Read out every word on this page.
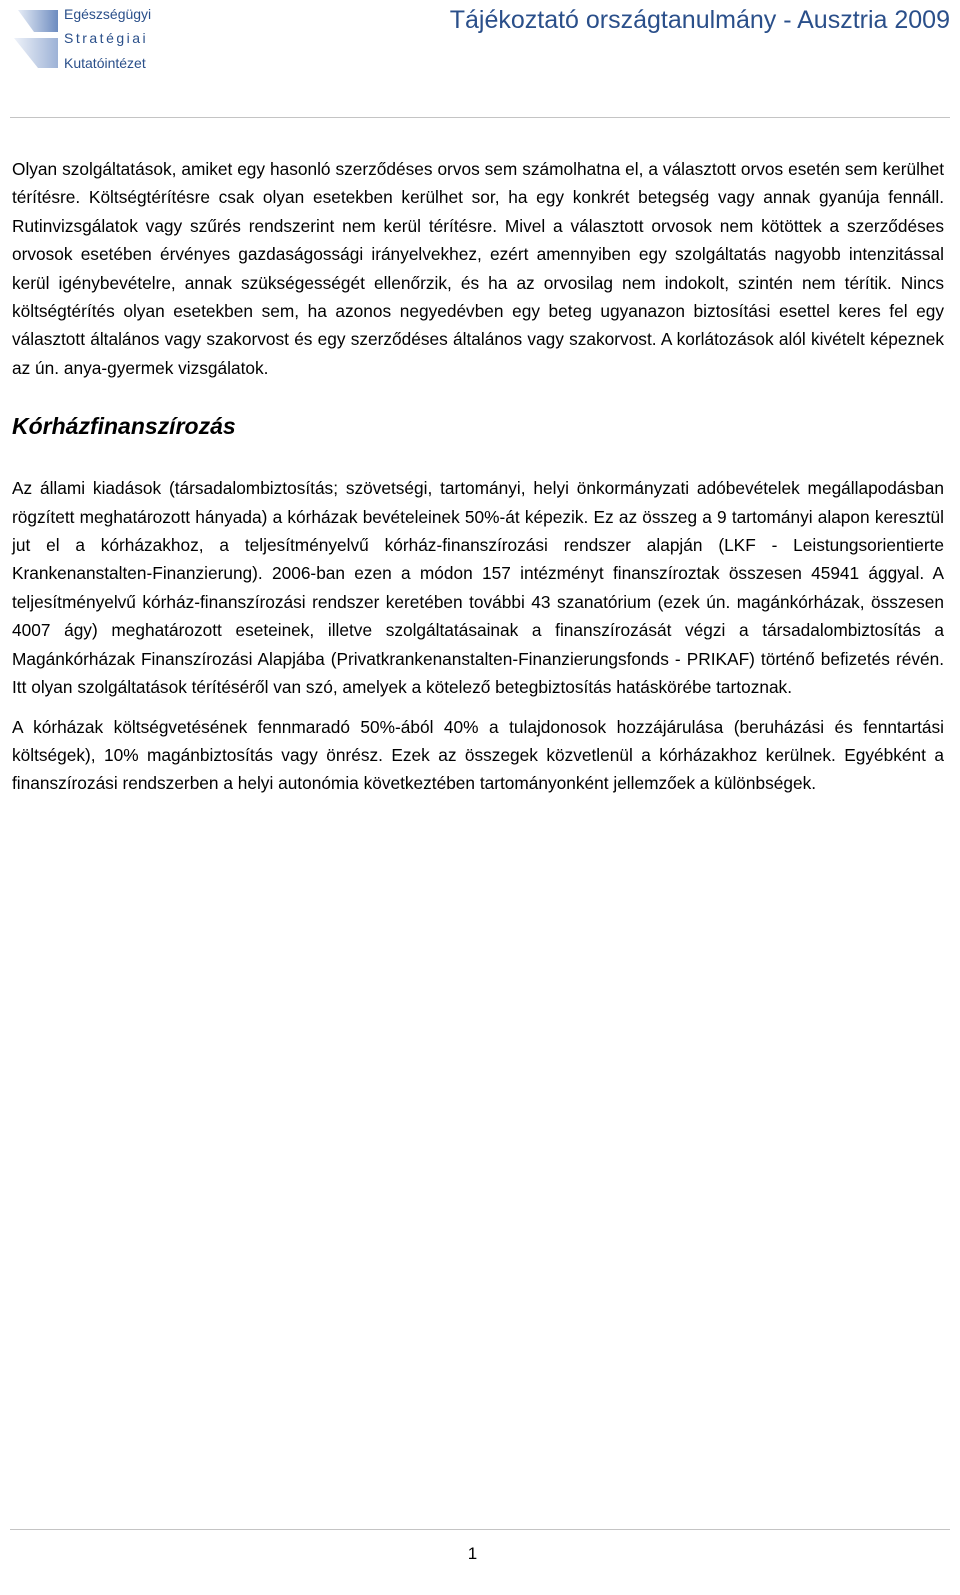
Egészségügyi
Stratégiai
Kutatóintézet
Tájékoztató országtanulmány - Ausztria 2009

Olyan szolgáltatások, amiket egy hasonló szerződéses orvos sem számolhatna el, a választott orvos esetén sem kerülhet térítésre. Költségtérítésre csak olyan esetekben kerülhet sor, ha egy konkrét betegség vagy annak gyanúja fennáll. Rutinvizsgálatok vagy szűrés rendszerint nem kerül térítésre. Mivel a választott orvosok nem kötöttek a szerződéses orvosok esetében érvényes gazdaságossági irányelvekhez, ezért amennyiben egy szolgáltatás nagyobb intenzitással kerül igénybevételre, annak szükségességét ellenőrzik, és ha az orvosilag nem indokolt, szintén nem térítik. Nincs költségtérítés olyan esetekben sem, ha azonos negyedévben egy beteg ugyanazon biztosítási esettel keres fel egy választott általános vagy szakorvost és egy szerződéses általános vagy szakorvost. A korlátozások alól kivételt képeznek az ún. anya-gyermek vizsgálatok.

Kórházfinanszírozás

Az állami kiadások (társadalombiztosítás; szövetségi, tartományi, helyi önkormányzati adóbevételek megállapodásban rögzített meghatározott hányada) a kórházak bevételeinek 50%-át képezik. Ez az összeg a 9 tartományi alapon keresztül jut el a kórházakhoz, a teljesítményelvű kórház-finanszírozási rendszer alapján (LKF - Leistungsorientierte Krankenanstalten-Finanzierung). 2006-ban ezen a módon 157 intézményt finanszíroztak összesen 45941 ággyal. A teljesítményelvű kórház-finanszírozási rendszer keretében további 43 szanatórium (ezek ún. magánkórházak, összesen 4007 ágy) meghatározott eseteinek, illetve szolgáltatásainak a finanszírozását végzi a társadalombiztosítás a Magánkórházak Finanszírozási Alapjába (Privatkrankenanstalten-Finanzierungsfonds - PRIKAF) történő befizetés révén. Itt olyan szolgáltatások térítéséről van szó, amelyek a kötelező betegbiztosítás hatáskörébe tartoznak.

A kórházak költségvetésének fennmaradó 50%-ából 40% a tulajdonosok hozzájárulása (beruházási és fenntartási költségek), 10% magánbiztosítás vagy önrész. Ezek az összegek közvetlenül a kórházakhoz kerülnek. Egyébként a finanszírozási rendszerben a helyi autonómia következtében tartományonként jellemzőek a különbségek.

1
